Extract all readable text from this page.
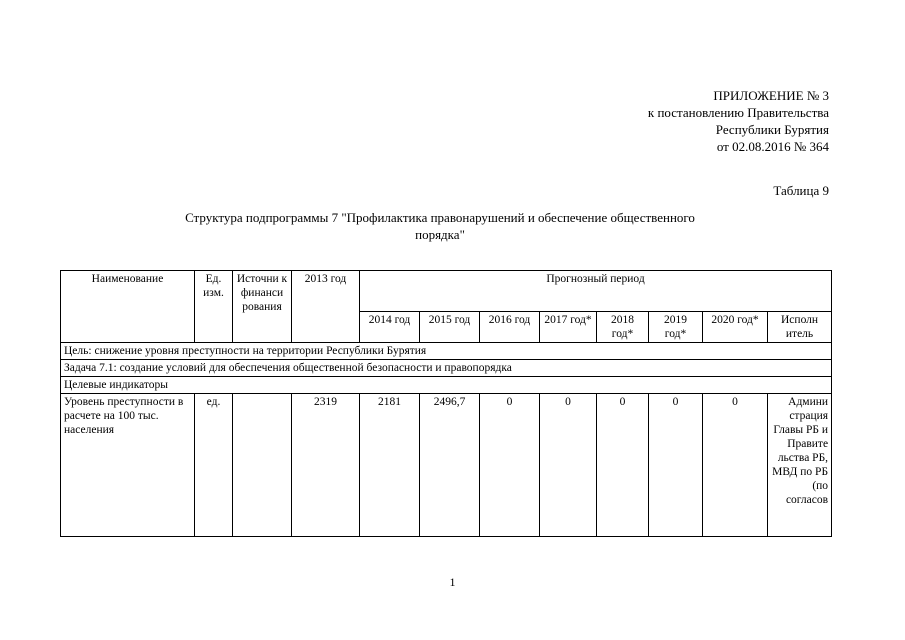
ПРИЛОЖЕНИЕ № 3
к постановлению Правительства
Республики Бурятия
от 02.08.2016 № 364
Таблица 9
Структура подпрограммы 7 "Профилактика правонарушений и обеспечение общественного
порядка"
Наименование	Ед. изм.	Источни к финанси рования	2013 год	Прогнозный период							
				2014 год	2015 год	2016 год	2017 год*	2018 год*	2019 год*	2020 год*	Исполн итель
Цель: снижение уровня преступности на территории Республики Бурятия											
Задача 7.1: создание условий для обеспечения общественной безопасности и правопорядка											
Целевые индикаторы											
Уровень преступности в расчете на 100 тыс. населения	ед.		2319	2181	2496,7	0	0	0	0	0	Админи страция Главы РБ и Правите льства РБ, МВД по РБ (по согласов
1
